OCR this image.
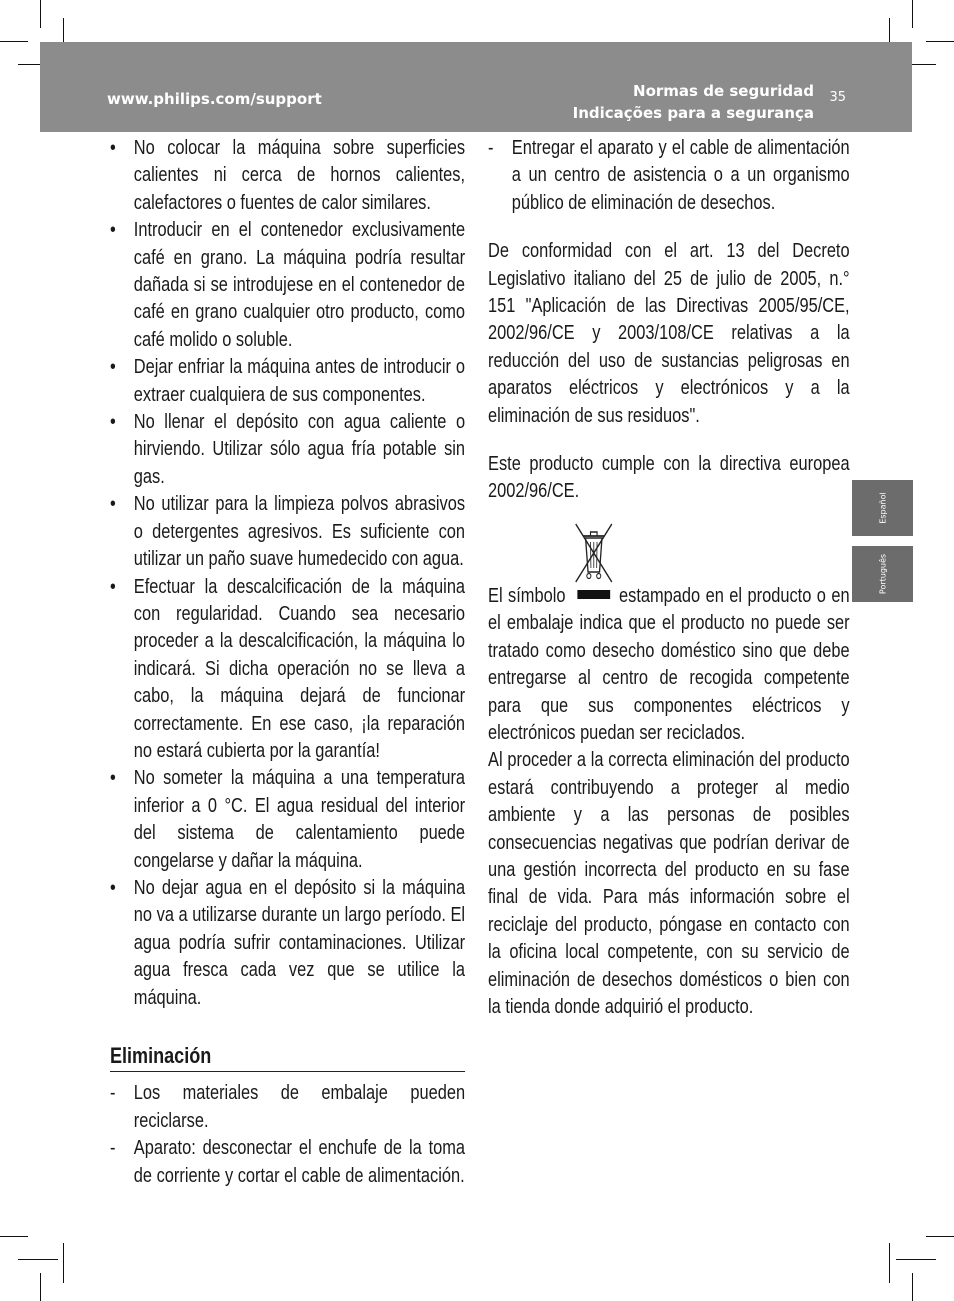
www.philips.com/support	Normas de seguridad
Indicações para a segurança
35
Español
Português
• No colocar la máquina sobre superficies calientes ni cerca de hornos calientes, calefactores o fuentes de calor similares.
• Introducir en el contenedor exclusivamente café en grano. La máquina podría resultar dañada si se introdujese en el contenedor de café en grano cualquier otro producto, como café molido o soluble.
• Dejar enfriar la máquina antes de introducir o extraer cualquiera de sus componentes.
• No llenar el depósito con agua caliente o hirviendo. Utilizar sólo agua fría potable sin gas.
• No utilizar para la limpieza polvos abrasivos o detergentes agresivos. Es suficiente con utilizar un paño suave humedecido con agua.
• Efectuar la descalcificación de la máquina con regularidad. Cuando sea necesario proceder a la descalcificación, la máquina lo indicará. Si dicha operación no se lleva a cabo, la máquina dejará de funcionar correctamente. En ese caso, ¡la reparación no estará cubierta por la garantía!
• No someter la máquina a una temperatura inferior a 0 °C. El agua residual del interior del sistema de calentamiento puede congelarse y dañar la máquina.
• No dejar agua en el depósito si la máquina no va a utilizarse durante un largo período. El agua podría sufrir contaminaciones. Utilizar agua fresca cada vez que se utilice la máquina.
Eliminación
- Los materiales de embalaje pueden reciclarse.
- Aparato: desconectar el enchufe de la toma de corriente y cortar el cable de alimentación.
- Entregar el aparato y el cable de alimentación a un centro de asistencia o a un organismo público de eliminación de desechos.

De conformidad con el art. 13 del Decreto Legislativo italiano del 25 de julio de 2005, n.° 151 "Aplicación de las Directivas 2005/95/CE, 2002/96/CE y 2003/108/CE relativas a la reducción del uso de sustancias peligrosas en aparatos eléctricos y electrónicos y a la eliminación de sus residuos".

Este producto cumple con la directiva europea 2002/96/CE.

El símbolo	estampado en el producto o en el embalaje indica que el producto no puede ser tratado como desecho doméstico sino que debe entregarse al centro de recogida competente para que sus componentes eléctricos y electrónicos puedan ser reciclados.

Al proceder a la correcta eliminación del producto estará contribuyendo a proteger al medio ambiente y a las personas de posibles consecuencias negativas que podrían derivar de una gestión incorrecta del producto en su fase final de vida. Para más información sobre el reciclaje del producto, póngase en contacto con la oficina local competente, con su servicio de eliminación de desechos domésticos o bien con la tienda donde adquirió el producto.
